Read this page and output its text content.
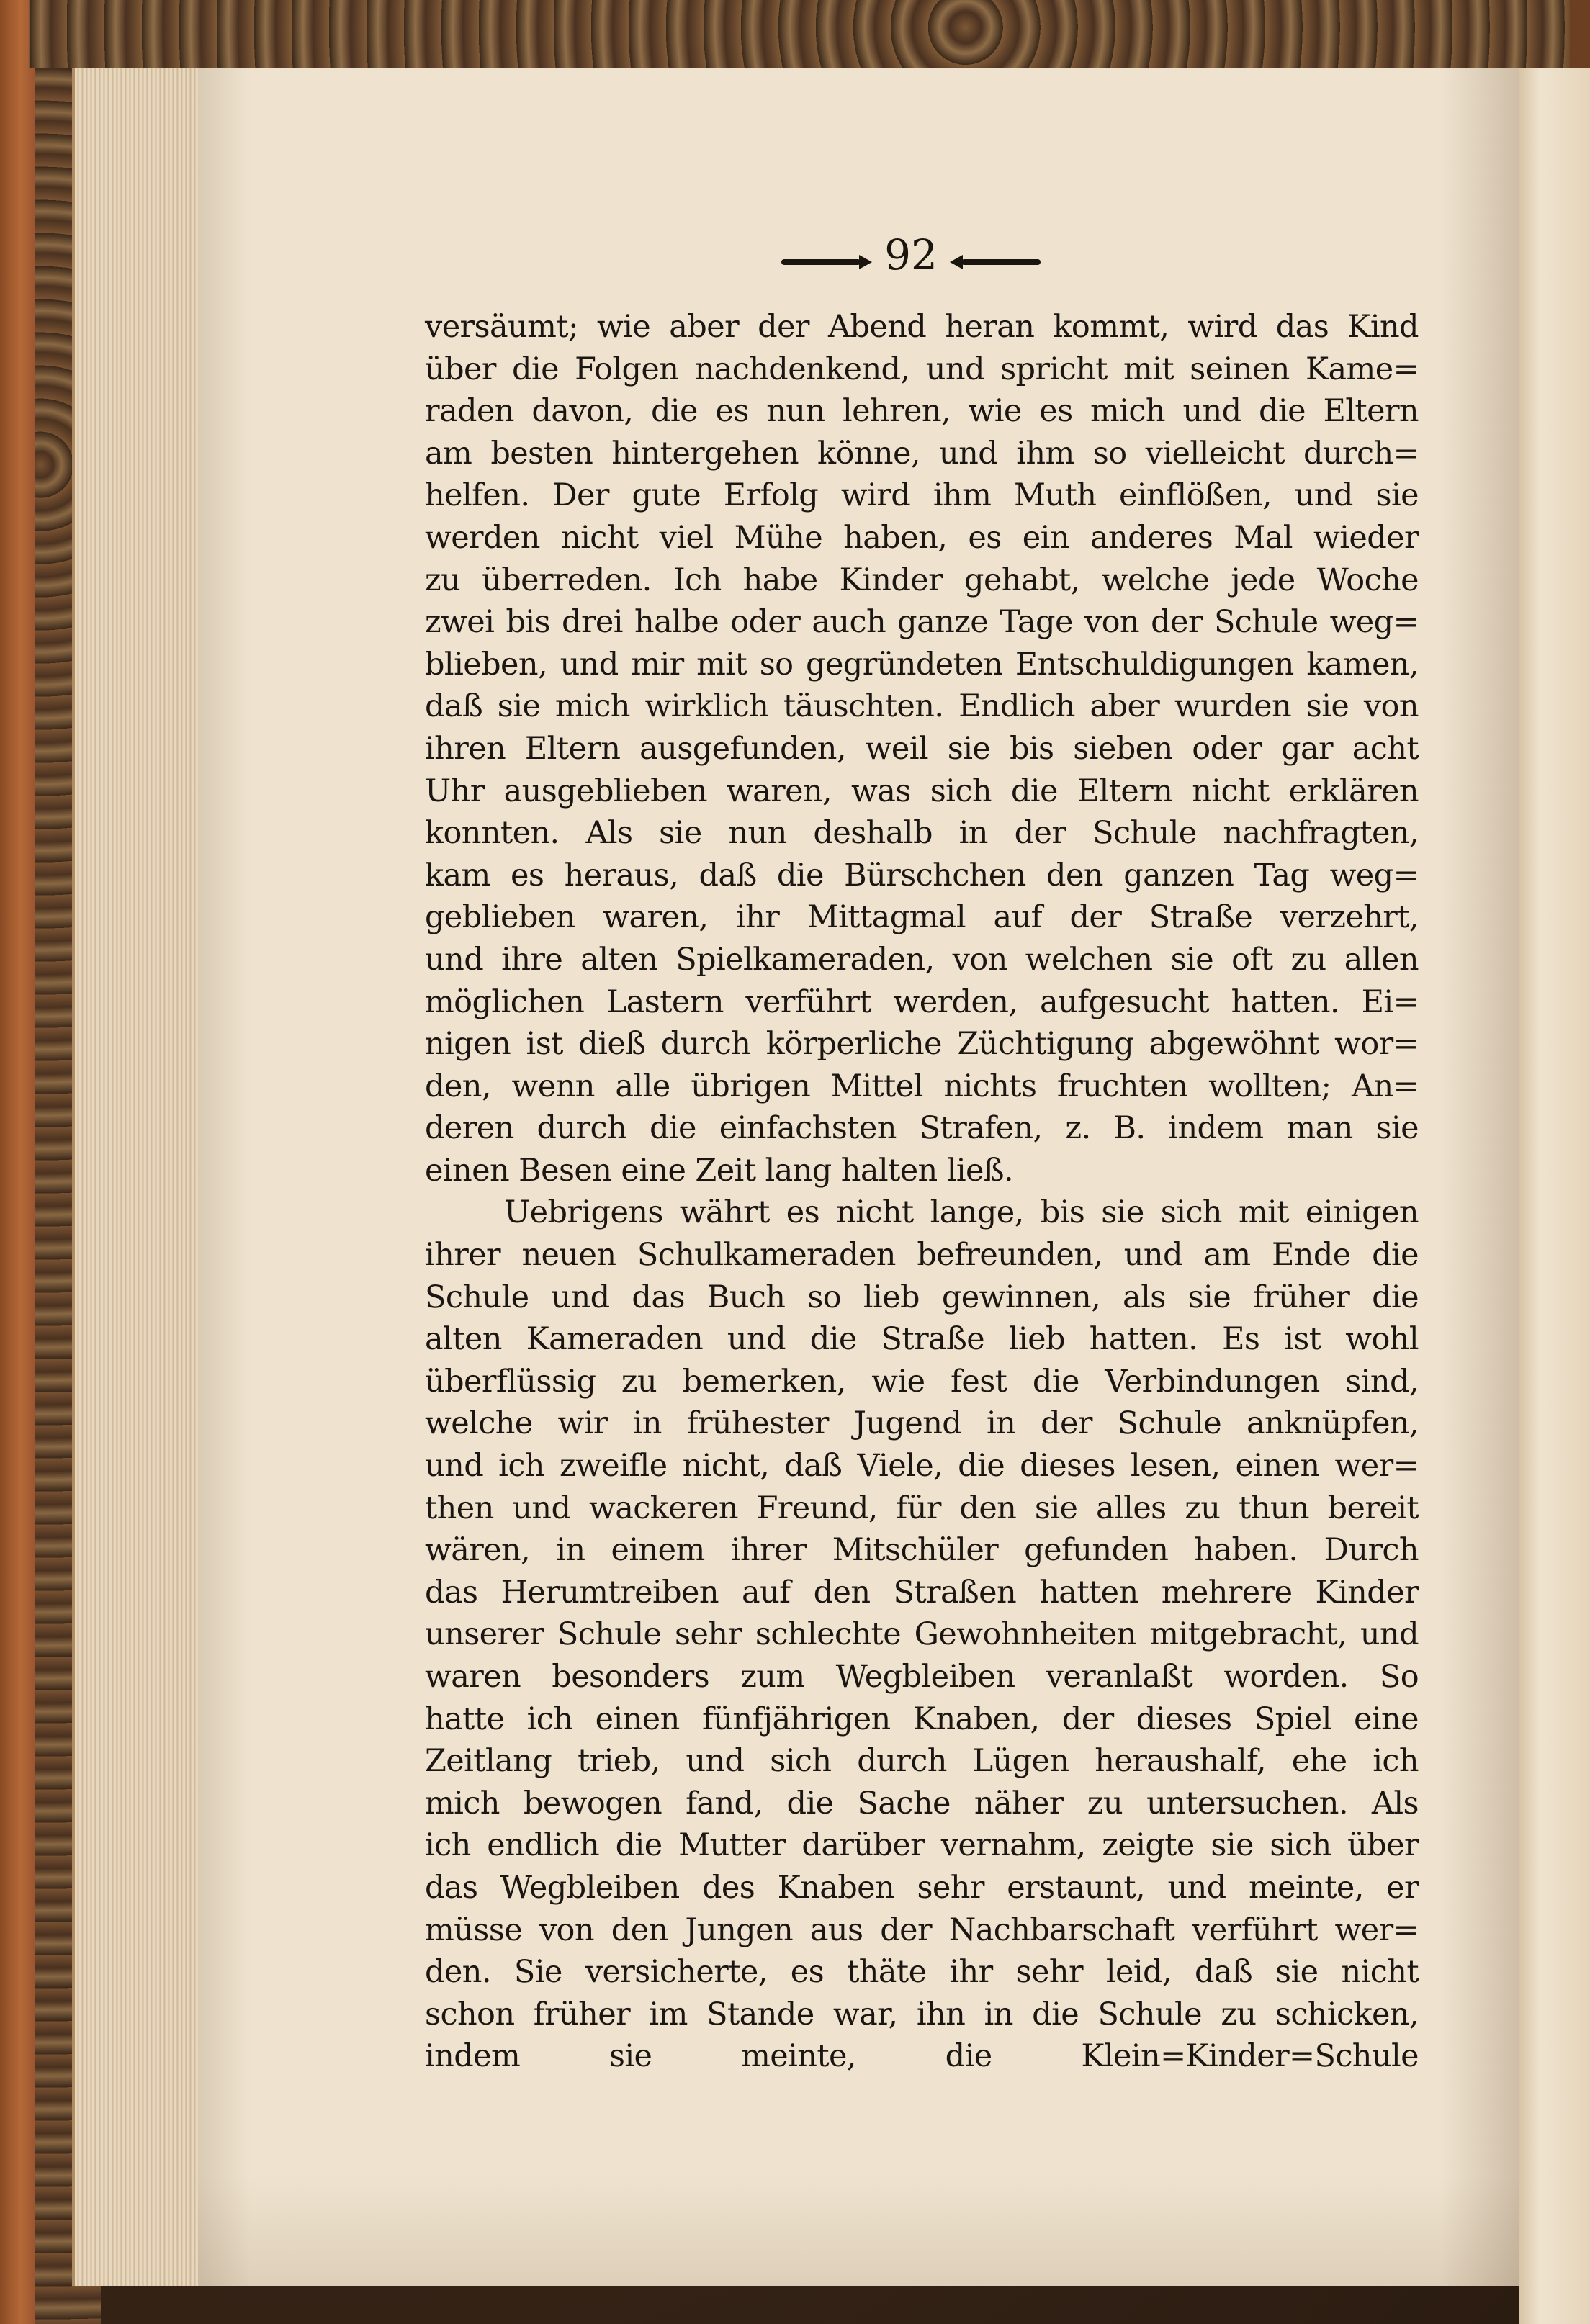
92
versäumt; wie aber der Abend heran kommt, wird das Kind
über die Folgen nachdenkend, und spricht mit seinen Kame=
raden davon, die es nun lehren, wie es mich und die Eltern
am besten hintergehen könne, und ihm so vielleicht durch=
helfen. Der gute Erfolg wird ihm Muth einflößen, und sie
werden nicht viel Mühe haben, es ein anderes Mal wieder
zu überreden. Ich habe Kinder gehabt, welche jede Woche
zwei bis drei halbe oder auch ganze Tage von der Schule weg=
blieben, und mir mit so gegründeten Entschuldigungen kamen,
daß sie mich wirklich täuschten. Endlich aber wurden sie von
ihren Eltern ausgefunden, weil sie bis sieben oder gar acht
Uhr ausgeblieben waren, was sich die Eltern nicht erklären
konnten. Als sie nun deshalb in der Schule nachfragten,
kam es heraus, daß die Bürschchen den ganzen Tag weg=
geblieben waren, ihr Mittagmal auf der Straße verzehrt,
und ihre alten Spielkameraden, von welchen sie oft zu allen
möglichen Lastern verführt werden, aufgesucht hatten. Ei=
nigen ist dieß durch körperliche Züchtigung abgewöhnt wor=
den, wenn alle übrigen Mittel nichts fruchten wollten; An=
deren durch die einfachsten Strafen, z. B. indem man sie
einen Besen eine Zeit lang halten ließ.
Uebrigens währt es nicht lange, bis sie sich mit einigen
ihrer neuen Schulkameraden befreunden, und am Ende die
Schule und das Buch so lieb gewinnen, als sie früher die
alten Kameraden und die Straße lieb hatten. Es ist wohl
überflüssig zu bemerken, wie fest die Verbindungen sind,
welche wir in frühester Jugend in der Schule anknüpfen,
und ich zweifle nicht, daß Viele, die dieses lesen, einen wer=
then und wackeren Freund, für den sie alles zu thun bereit
wären, in einem ihrer Mitschüler gefunden haben. Durch
das Herumtreiben auf den Straßen hatten mehrere Kinder
unserer Schule sehr schlechte Gewohnheiten mitgebracht, und
waren besonders zum Wegbleiben veranlaßt worden. So
hatte ich einen fünfjährigen Knaben, der dieses Spiel eine
Zeitlang trieb, und sich durch Lügen heraushalf, ehe ich
mich bewogen fand, die Sache näher zu untersuchen. Als
ich endlich die Mutter darüber vernahm, zeigte sie sich über
das Wegbleiben des Knaben sehr erstaunt, und meinte, er
müsse von den Jungen aus der Nachbarschaft verführt wer=
den. Sie versicherte, es thäte ihr sehr leid, daß sie nicht
schon früher im Stande war, ihn in die Schule zu schicken,
indem sie meinte, die Klein=Kinder=Schule
